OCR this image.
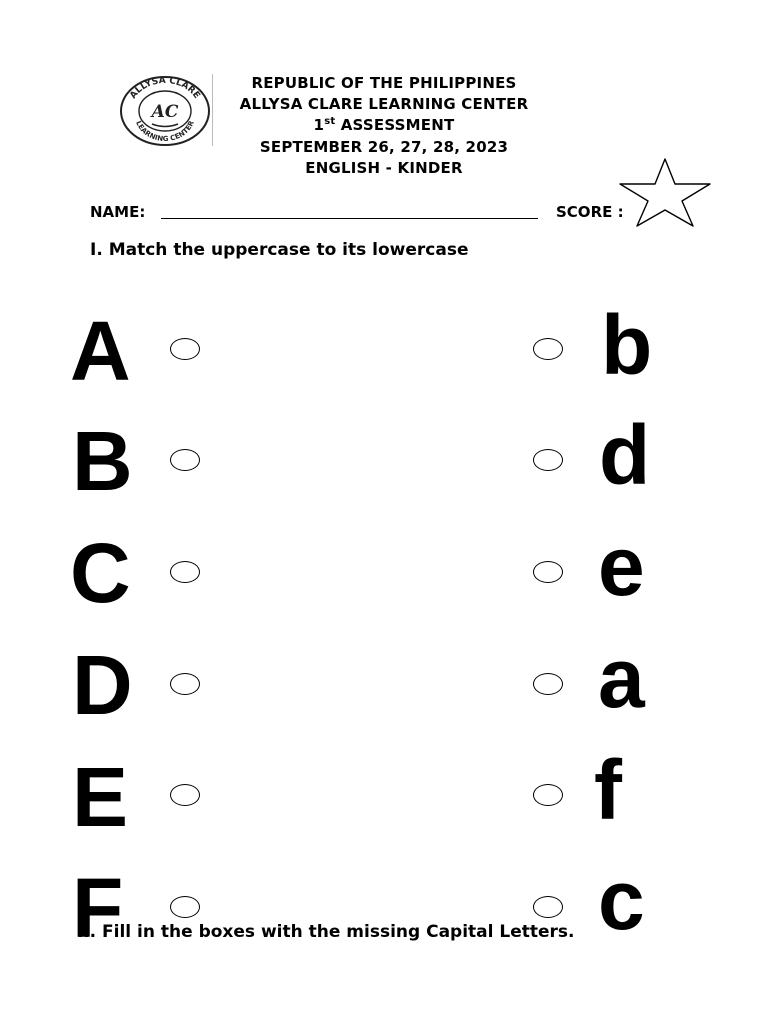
ALLYSA CLARE
LEARNING CENTER
AC
REPUBLIC OF THE PHILIPPINES
ALLYSA CLARE LEARNING CENTER
1st ASSESSMENT
SEPTEMBER 26, 27, 28, 2023
ENGLISH - KINDER
NAME:	SCORE :
I. Match the uppercase to its lowercase
A	b
B	d
C	e
D	a
E	f
F	c
II. Fill in the boxes with the missing Capital Letters.
